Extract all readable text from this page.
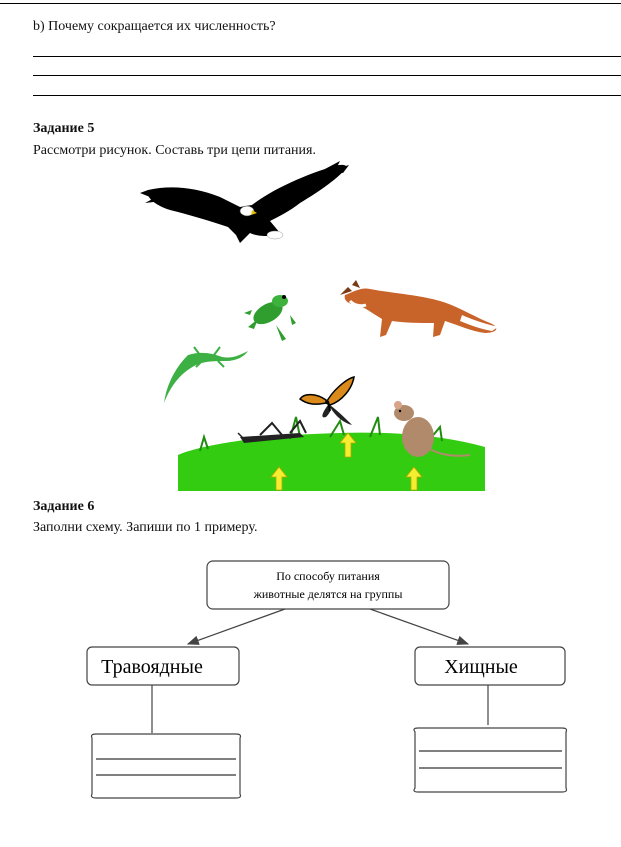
b) Почему сокращается их численность?
Задание 5
Рассмотри рисунок. Составь три цепи питания.
Задание 6
Заполни схему. Запиши по 1 примеру.
По способу питания
животные делятся на группы
Травоядные	Хищные
